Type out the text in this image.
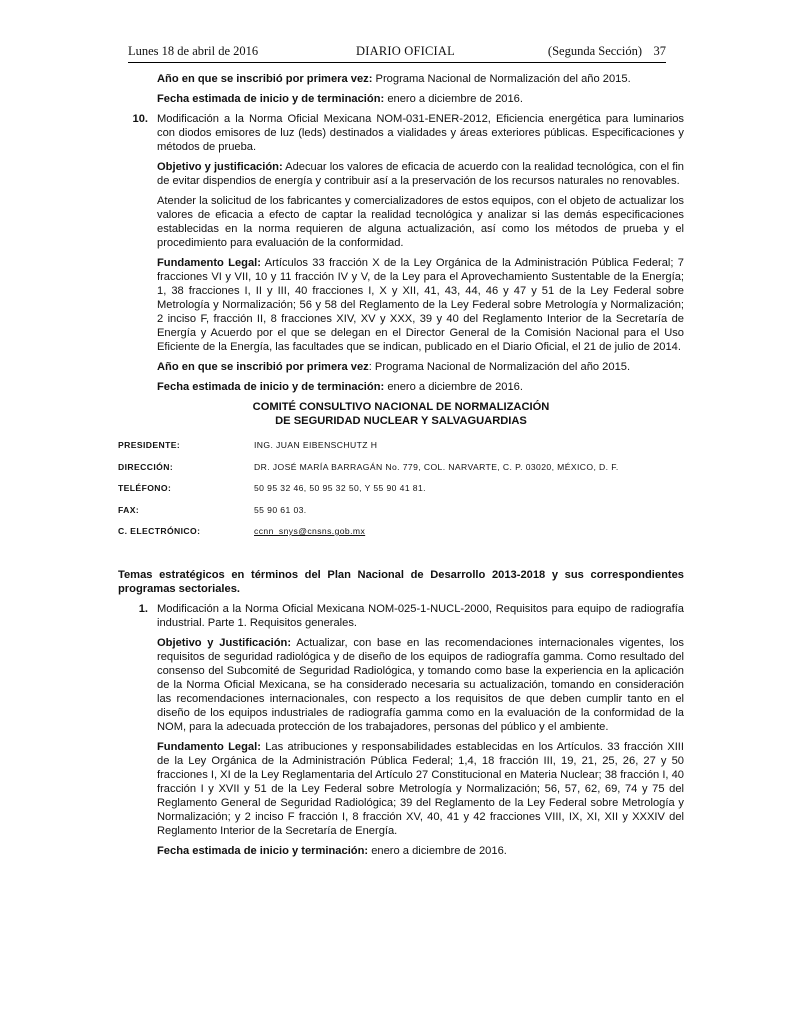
Lunes 18 de abril de 2016	DIARIO OFICIAL	(Segunda Sección) 37

Año en que se inscribió por primera vez: Programa Nacional de Normalización del año 2015.

Fecha estimada de inicio y de terminación: enero a diciembre de 2016.

10. Modificación a la Norma Oficial Mexicana NOM-031-ENER-2012, Eficiencia energética para luminarios con diodos emisores de luz (leds) destinados a vialidades y áreas exteriores públicas. Especificaciones y métodos de prueba.

Objetivo y justificación: Adecuar los valores de eficacia de acuerdo con la realidad tecnológica, con el fin de evitar dispendios de energía y contribuir así a la preservación de los recursos naturales no renovables.

Atender la solicitud de los fabricantes y comercializadores de estos equipos, con el objeto de actualizar los valores de eficacia a efecto de captar la realidad tecnológica y analizar si las demás especificaciones establecidas en la norma requieren de alguna actualización, así como los métodos de prueba y el procedimiento para evaluación de la conformidad.

Fundamento Legal: Artículos 33 fracción X de la Ley Orgánica de la Administración Pública Federal; 7 fracciones VI y VII, 10 y 11 fracción IV y V, de la Ley para el Aprovechamiento Sustentable de la Energía; 1, 38 fracciones I, II y III, 40 fracciones I, X y XII, 41, 43, 44, 46 y 47 y 51 de la Ley Federal sobre Metrología y Normalización; 56 y 58 del Reglamento de la Ley Federal sobre Metrología y Normalización; 2 inciso F, fracción II, 8 fracciones XIV, XV y XXX, 39 y 40 del Reglamento Interior de la Secretaría de Energía y Acuerdo por el que se delegan en el Director General de la Comisión Nacional para el Uso Eficiente de la Energía, las facultades que se indican, publicado en el Diario Oficial, el 21 de julio de 2014.

Año en que se inscribió por primera vez: Programa Nacional de Normalización del año 2015.

Fecha estimada de inicio y de terminación: enero a diciembre de 2016.

COMITÉ CONSULTIVO NACIONAL DE NORMALIZACIÓN
DE SEGURIDAD NUCLEAR Y SALVAGUARDIAS
PRESIDENTE:	ING. JUAN EIBENSCHUTZ H
DIRECCIÓN:	DR. JOSÉ MARÍA BARRAGÁN No. 779, COL. NARVARTE, C. P. 03020, MÉXICO, D. F.
TELÉFONO:	50 95 32 46, 50 95 32 50, Y 55 90 41 81.
FAX:	55 90 61 03.
C. ELECTRÓNICO:	ccnn_snys@cnsns.gob.mx

Temas estratégicos en términos del Plan Nacional de Desarrollo 2013-2018 y sus correspondientes programas sectoriales.

1. Modificación a la Norma Oficial Mexicana NOM-025-1-NUCL-2000, Requisitos para equipo de radiografía industrial. Parte 1. Requisitos generales.

Objetivo y Justificación: Actualizar, con base en las recomendaciones internacionales vigentes, los requisitos de seguridad radiológica y de diseño de los equipos de radiografía gamma. Como resultado del consenso del Subcomité de Seguridad Radiológica, y tomando como base la experiencia en la aplicación de la Norma Oficial Mexicana, se ha considerado necesaria su actualización, tomando en consideración las recomendaciones internacionales, con respecto a los requisitos de que deben cumplir tanto en el diseño de los equipos industriales de radiografía gamma como en la evaluación de la conformidad de la NOM, para la adecuada protección de los trabajadores, personas del público y el ambiente.

Fundamento Legal: Las atribuciones y responsabilidades establecidas en los Artículos. 33 fracción XIII de la Ley Orgánica de la Administración Pública Federal; 1,4, 18 fracción III, 19, 21, 25, 26, 27 y 50 fracciones I, XI de la Ley Reglamentaria del Artículo 27 Constitucional en Materia Nuclear; 38 fracción I, 40 fracción I y XVII y 51 de la Ley Federal sobre Metrología y Normalización; 56, 57, 62, 69, 74 y 75 del Reglamento General de Seguridad Radiológica; 39 del Reglamento de la Ley Federal sobre Metrología y Normalización; y 2 inciso F fracción I, 8 fracción XV, 40, 41 y 42 fracciones VIII, IX, XI, XII y XXXIV del Reglamento Interior de la Secretaría de Energía.

Fecha estimada de inicio y terminación: enero a diciembre de 2016.
